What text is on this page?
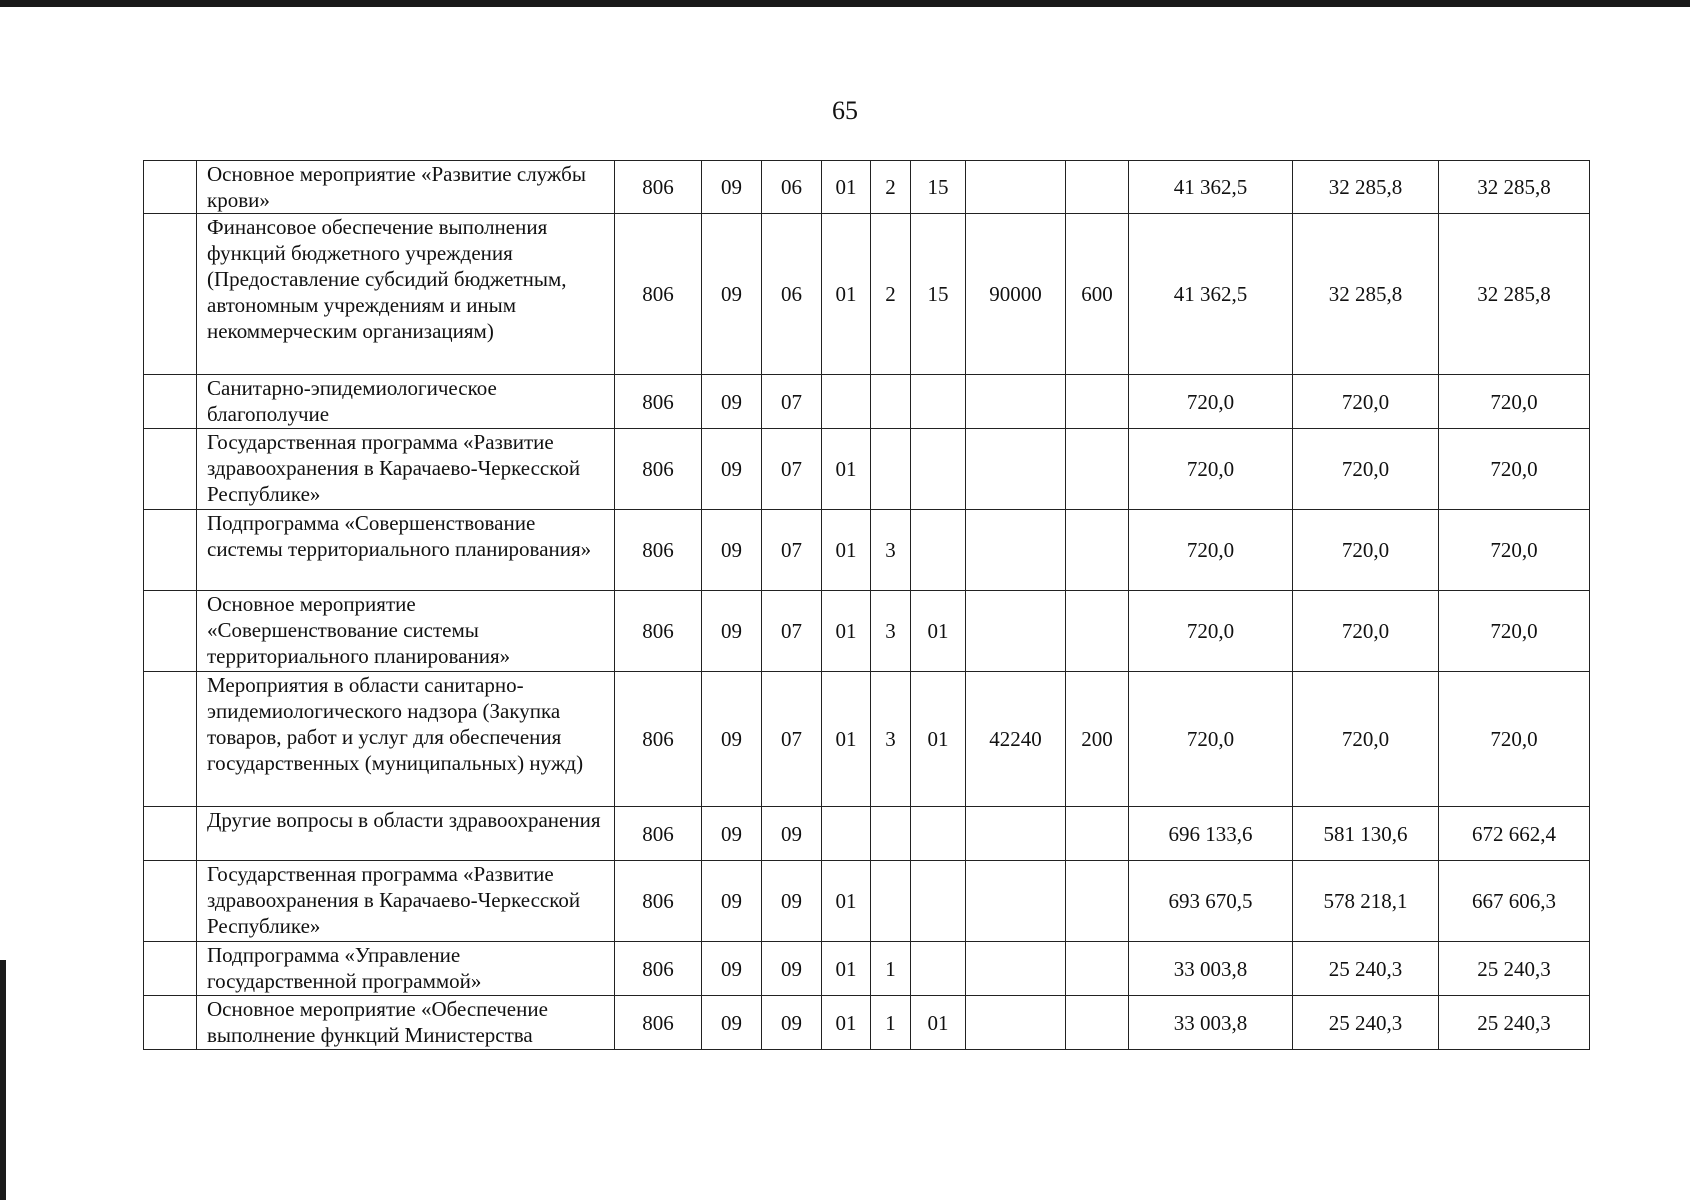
65
	Основное мероприятие «Развитие службы крови»	806	09	06	01	2	15			41 362,5	32 285,8	32 285,8
	Финансовое обеспечение выполнения функций бюджетного учреждения (Предоставление субсидий бюджетным, автономным учреждениям и иным некоммерческим организациям)	806	09	06	01	2	15	90000	600	41 362,5	32 285,8	32 285,8
	Санитарно-эпидемиологическое благополучие	806	09	07						720,0	720,0	720,0
	Государственная программа «Развитие здравоохранения в Карачаево-Черкесской Республике»	806	09	07	01					720,0	720,0	720,0
	Подпрограмма «Совершенствование системы территориального планирования»	806	09	07	01	3				720,0	720,0	720,0
	Основное мероприятие «Совершенствование системы территориального планирования»	806	09	07	01	3	01			720,0	720,0	720,0
	Мероприятия в области санитарно-эпидемиологического надзора (Закупка товаров, работ и услуг для обеспечения государственных (муниципальных) нужд)	806	09	07	01	3	01	42240	200	720,0	720,0	720,0
	Другие вопросы в области здравоохранения	806	09	09						696 133,6	581 130,6	672 662,4
	Государственная программа «Развитие здравоохранения в Карачаево-Черкесской Республике»	806	09	09	01					693 670,5	578 218,1	667 606,3
	Подпрограмма «Управление государственной программой»	806	09	09	01	1				33 003,8	25 240,3	25 240,3
	Основное мероприятие «Обеспечение выполнение функций Министерства	806	09	09	01	1	01			33 003,8	25 240,3	25 240,3
